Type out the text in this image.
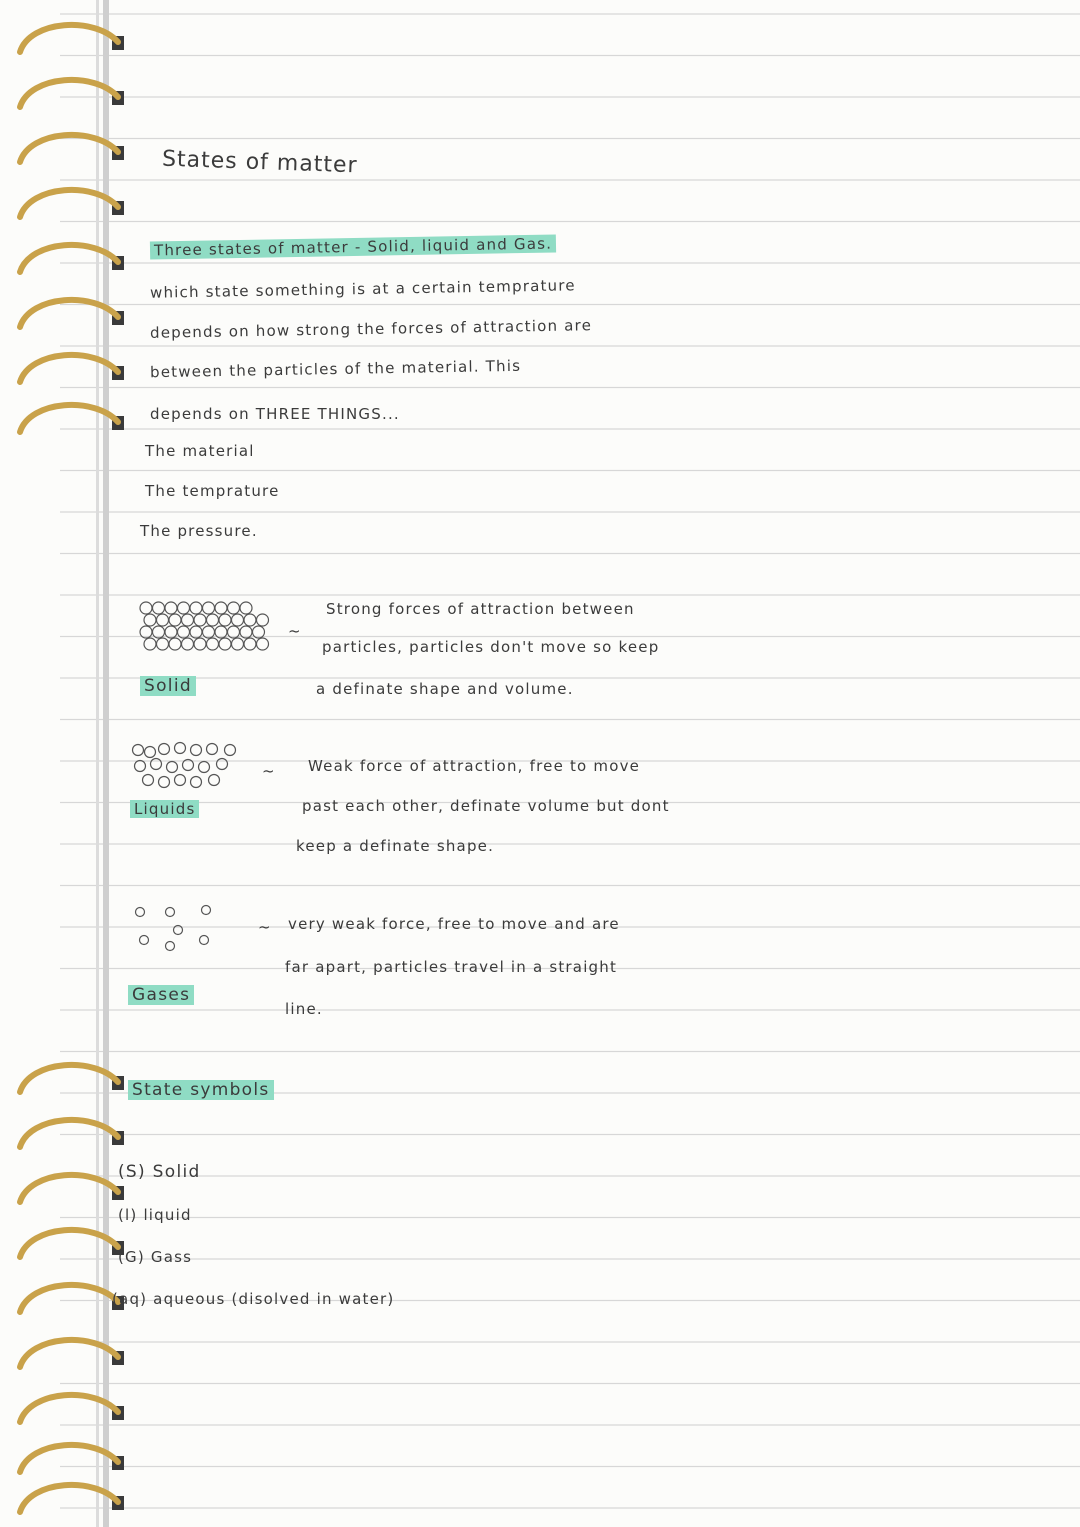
States of matter
Three states of matter - Solid, liquid and Gas.
which state something is at a certain temprature
depends on how strong the forces of attraction are
between the particles of the material. This
depends on THREE THINGS...
The material
The temprature
The pressure.
~
Solid
Strong forces of attraction between
particles, particles don't move so keep
a definate shape and volume.
~
Liquids
Weak force of attraction, free to move
past each other, definate volume but dont
keep a definate shape.
~
Gases
very weak force, free to move and are
far apart, particles travel in a straight
line.
State symbols
(S) Solid
(l) liquid
(G) Gass
(aq) aqueous (disolved in water)
